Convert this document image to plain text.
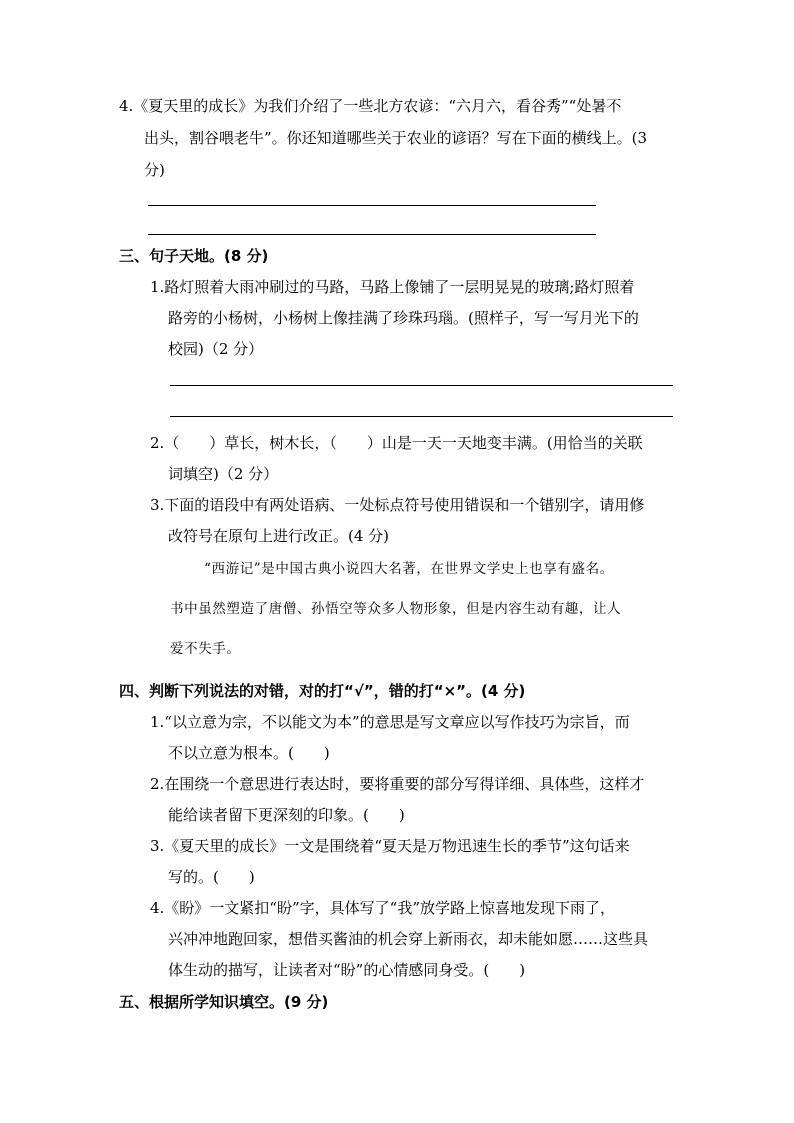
4.《夏天里的成长》为我们介绍了一些北方农谚：“六月六，看谷秀”“处暑不
出头，割谷喂老牛”。你还知道哪些关于农业的谚语？写在下面的横线上。(3
分)
三、句子天地。(8 分)
1.路灯照着大雨冲刷过的马路，马路上像铺了一层明晃晃的玻璃;路灯照着
路旁的小杨树，小杨树上像挂满了珍珠玛瑙。(照样子，写一写月光下的
校园)（2 分）
2.（　　）草长，树木长，（　　）山是一天一天地变丰满。(用恰当的关联
词填空)（2 分）
3.下面的语段中有两处语病、一处标点符号使用错误和一个错别字，请用修
改符号在原句上进行改正。(4 分)
“西游记”是中国古典小说四大名著，在世界文学史上也享有盛名。
书中虽然塑造了唐僧、孙悟空等众多人物形象，但是内容生动有趣，让人
爱不失手。
四、判断下列说法的对错，对的打“√”，错的打“×”。(4 分)
1.“以立意为宗，不以能文为本”的意思是写文章应以写作技巧为宗旨，而
不以立意为根本。(　　)
2.在围绕一个意思进行表达时，要将重要的部分写得详细、具体些，这样才
能给读者留下更深刻的印象。(　　)
3.《夏天里的成长》一文是围绕着“夏天是万物迅速生长的季节”这句话来
写的。(　　)
4.《盼》一文紧扣“盼”字，具体写了“我”放学路上惊喜地发现下雨了，
兴冲冲地跑回家，想借买酱油的机会穿上新雨衣，却未能如愿……这些具
体生动的描写，让读者对“盼”的心情感同身受。(　　)
五、根据所学知识填空。(9 分)
